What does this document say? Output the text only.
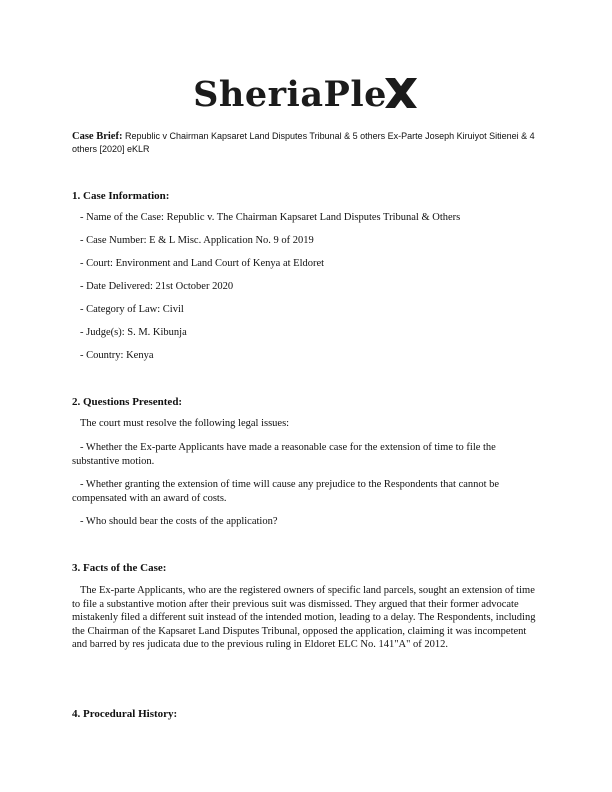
SheriaPle
Case Brief: Republic v Chairman Kapsaret Land Disputes Tribunal & 5 others Ex-Parte Joseph Kiruiyot Sitienei & 4 others [2020] eKLR
1. Case Information:
- Name of the Case: Republic v. The Chairman Kapsaret Land Disputes Tribunal & Others
- Case Number: E & L Misc. Application No. 9 of 2019
- Court: Environment and Land Court of Kenya at Eldoret
- Date Delivered: 21st October 2020
- Category of Law: Civil
- Judge(s): S. M. Kibunja
- Country: Kenya
2. Questions Presented:
The court must resolve the following legal issues:
- Whether the Ex-parte Applicants have made a reasonable case for the extension of time to file the substantive motion.
- Whether granting the extension of time will cause any prejudice to the Respondents that cannot be compensated with an award of costs.
- Who should bear the costs of the application?
3. Facts of the Case:
The Ex-parte Applicants, who are the registered owners of specific land parcels, sought an extension of time to file a substantive motion after their previous suit was dismissed. They argued that their former advocate mistakenly filed a different suit instead of the intended motion, leading to a delay. The Respondents, including the Chairman of the Kapsaret Land Disputes Tribunal, opposed the application, claiming it was incompetent and barred by res judicata due to the previous ruling in Eldoret ELC No. 141"A" of 2012.
4. Procedural History:
